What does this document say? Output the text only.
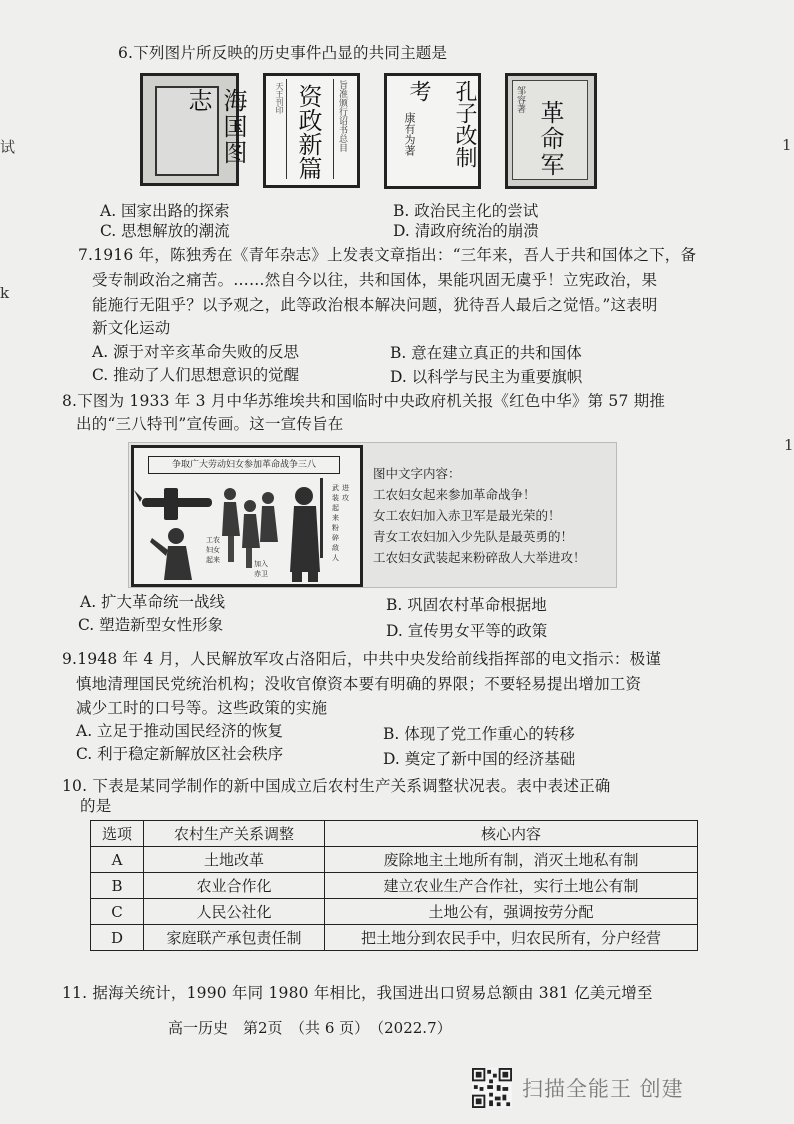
试
k
1
1
6.下列图片所反映的历史事件凸显的共同主题是
海国图志	天王刊印 资政新篇	旨准颁行诏书总目	孔子改制考
康有为著
邹容著
革命军
A. 国家出路的探索	B. 政治民主化的尝试
C. 思想解放的潮流	D. 清政府统治的崩溃
7.1916 年，陈独秀在《青年杂志》上发表文章指出：“三年来，吾人于共和国体之下，备
受专制政治之痛苦。……然自今以往，共和国体，果能巩固无虞乎！立宪政治，果
能施行无阻乎？以予观之，此等政治根本解决问题，犹待吾人最后之觉悟。”这表明
新文化运动
A. 源于对辛亥革命失败的反思	B. 意在建立真正的共和国体
C. 推动了人们思想意识的觉醒	D. 以科学与民主为重要旗帜
8.下图为 1933 年 3 月中华苏维埃共和国临时中央政府机关报《红色中华》第 57 期推
出的“三八特刊”宣传画。这一宣传旨在
争取广大劳动妇女参加革命战争三八
工农
妇女
起来	加入
赤卫
武
装
起
来
粉
碎
敌
人
进
攻
图中文字内容：
工农妇女起来参加革命战争！
女工农妇加入赤卫军是最光荣的！
青女工农妇加入少先队是最英勇的！
工农妇女武装起来粉碎敌人大举进攻！
A. 扩大革命统一战线	B. 巩固农村革命根据地
C. 塑造新型女性形象	D. 宣传男女平等的政策
9.1948 年 4 月，人民解放军攻占洛阳后，中共中央发给前线指挥部的电文指示：极谨
慎地清理国民党统治机构；没收官僚资本要有明确的界限；不要轻易提出增加工资
减少工时的口号等。这些政策的实施
A. 立足于推动国民经济的恢复	B. 体现了党工作重心的转移
C. 利于稳定新解放区社会秩序	D. 奠定了新中国的经济基础
10. 下表是某同学制作的新中国成立后农村生产关系调整状况表。表中表述正确
的是
选项	农村生产关系调整	核心内容
A	土地改革	废除地主土地所有制，消灭土地私有制
B	农业合作化	建立农业生产合作社，实行土地公有制
C	人民公社化	土地公有，强调按劳分配
D	家庭联产承包责任制	把土地分到农民手中，归农民所有，分户经营
11. 据海关统计，1990 年同 1980 年相比，我国进出口贸易总额由 381 亿美元增至
高一历史　第2页　（共 6 页）　（2022.7）
扫描全能王 创建
